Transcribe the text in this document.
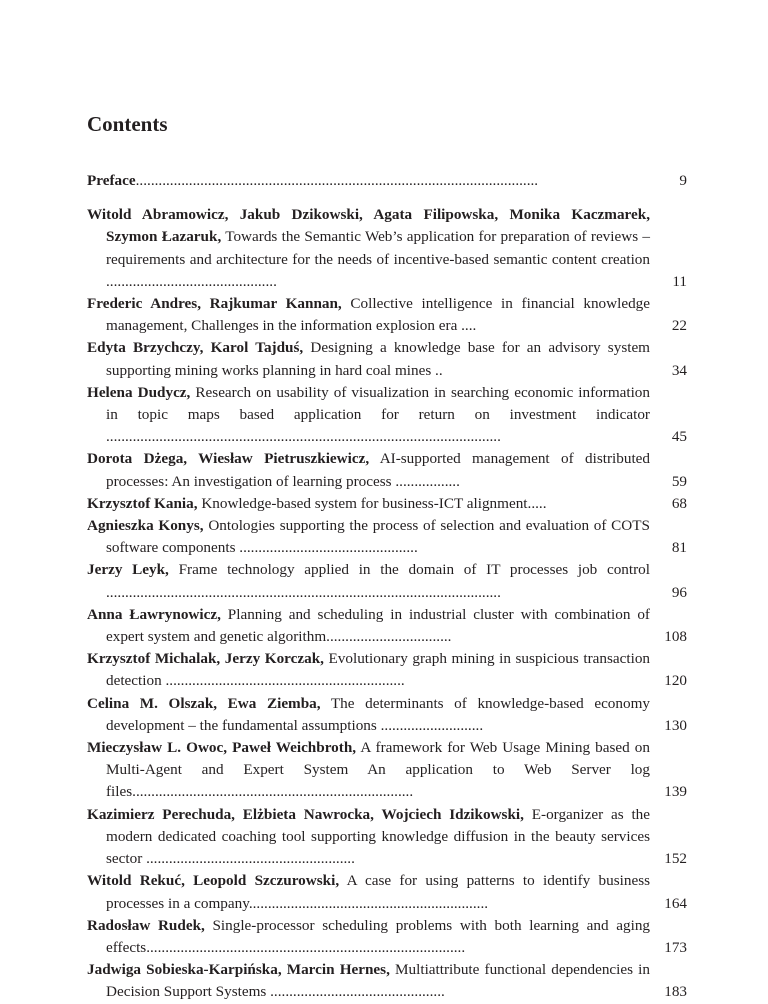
Contents
Preface..........................................................................................................	9
Witold Abramowicz, Jakub Dzikowski, Agata Filipowska, Monika Kaczmarek, Szymon Łazaruk, Towards the Semantic Web’s application for preparation of reviews – requirements and architecture for the needs of incentive-based semantic content creation .............................................	11
Frederic Andres, Rajkumar Kannan, Collective intelligence in financial knowledge management, Challenges in the information explosion era ....	22
Edyta Brzychczy, Karol Tajduś, Designing a knowledge base for an advisory system supporting mining works planning in hard coal mines ..	34
Helena Dudycz, Research on usability of visualization in searching economic information in topic maps based application for return on investment indicator ........................................................................................................	45
Dorota Dżega, Wiesław Pietruszkiewicz, AI-supported management of distributed processes: An investigation of learning process .................	59
Krzysztof Kania, Knowledge-based system for business-ICT alignment.....	68
Agnieszka Konys, Ontologies supporting the process of selection and evaluation of COTS software components ...............................................	81
Jerzy Leyk, Frame technology applied in the domain of IT processes job control ........................................................................................................	96
Anna Ławrynowicz, Planning and scheduling in industrial cluster with combination of expert system and genetic algorithm.................................	108
Krzysztof Michalak, Jerzy Korczak, Evolutionary graph mining in suspicious transaction detection ...............................................................	120
Celina M. Olszak, Ewa Ziemba, The determinants of knowledge-based economy development – the fundamental assumptions ...........................	130
Mieczysław L. Owoc, Paweł Weichbroth, A framework for Web Usage Mining based on Multi-Agent and Expert System An application to Web Server log files..........................................................................	139
Kazimierz Perechuda, Elżbieta Nawrocka, Wojciech Idzikowski, E-organizer as the modern dedicated coaching tool supporting knowledge diffusion in the beauty services sector .......................................................	152
Witold Rekuć, Leopold Szczurowski, A case for using patterns to identify business processes in a company...............................................................	164
Radosław Rudek, Single-processor scheduling problems with both learning and aging effects....................................................................................	173
Jadwiga Sobieska-Karpińska, Marcin Hernes, Multiattribute functional dependencies in Decision Support Systems ..............................................	183
